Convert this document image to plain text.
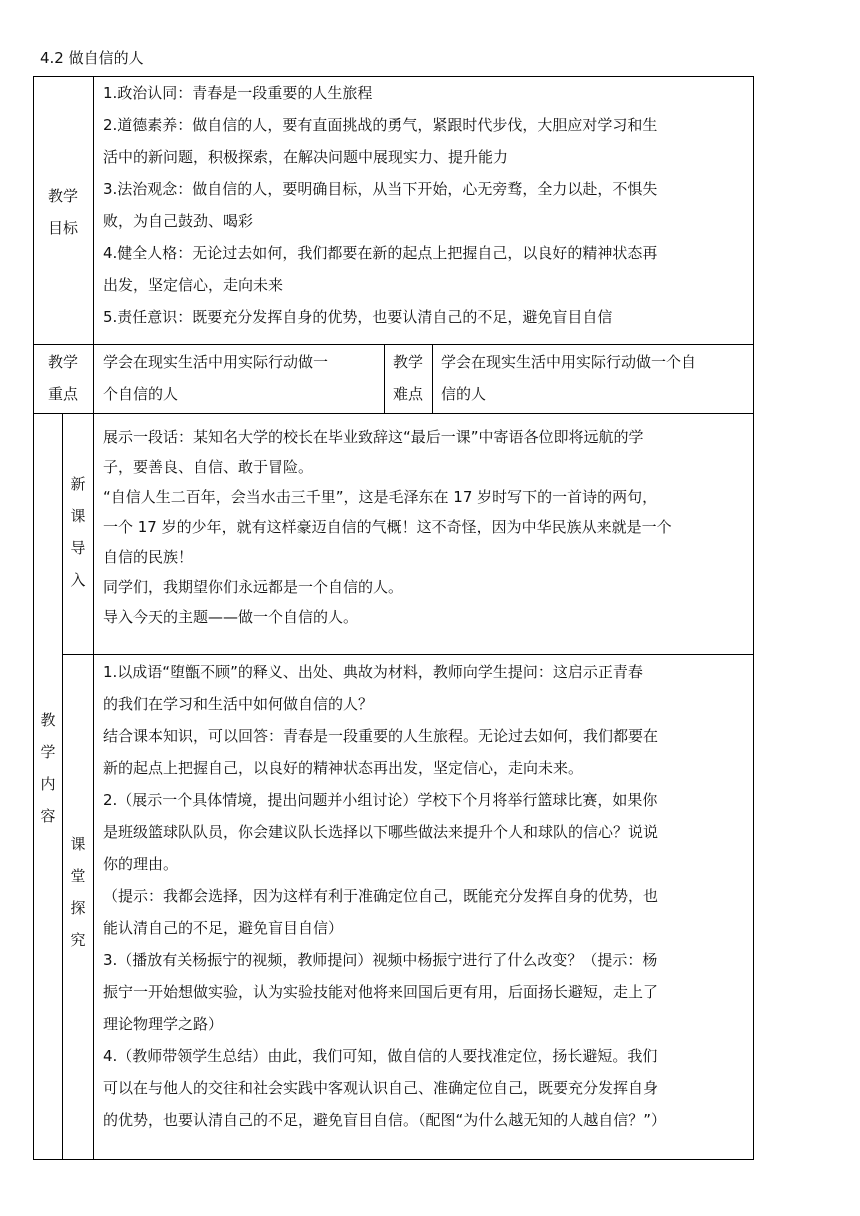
4.2 做自信的人
教学
目标
1.政治认同：青春是一段重要的人生旅程
2.道德素养：做自信的人，要有直面挑战的勇气，紧跟时代步伐，大胆应对学习和生
活中的新问题，积极探索，在解决问题中展现实力、提升能力
3.法治观念：做自信的人，要明确目标，从当下开始，心无旁骛，全力以赴，不惧失
败，为自己鼓劲、喝彩
4.健全人格：无论过去如何，我们都要在新的起点上把握自己，以良好的精神状态再
出发，坚定信心，走向未来
5.责任意识：既要充分发挥自身的优势，也要认清自己的不足，避免盲目自信
教学
重点
学会在现实生活中用实际行动做一
个自信的人
教学
难点
学会在现实生活中用实际行动做一个自
信的人
教
学
内
容
新
课
导
入
展示一段话：某知名大学的校长在毕业致辞这“最后一课”中寄语各位即将远航的学
子，要善良、自信、敢于冒险。
“自信人生二百年，会当水击三千里”，这是毛泽东在 17 岁时写下的一首诗的两句，
一个 17 岁的少年，就有这样豪迈自信的气概！这不奇怪，因为中华民族从来就是一个
自信的民族！
同学们，我期望你们永远都是一个自信的人。
导入今天的主题——做一个自信的人。
课
堂
探
究
1.以成语“堕甑不顾”的释义、出处、典故为材料，教师向学生提问：这启示正青春
的我们在学习和生活中如何做自信的人？
结合课本知识，可以回答：青春是一段重要的人生旅程。无论过去如何，我们都要在
新的起点上把握自己，以良好的精神状态再出发，坚定信心，走向未来。
2.（展示一个具体情境，提出问题并小组讨论）学校下个月将举行篮球比赛，如果你
是班级篮球队队员，你会建议队长选择以下哪些做法来提升个人和球队的信心？说说
你的理由。
（提示：我都会选择，因为这样有利于准确定位自己，既能充分发挥自身的优势，也
能认清自己的不足，避免盲目自信）
3.（播放有关杨振宁的视频，教师提问）视频中杨振宁进行了什么改变？（提示：杨
振宁一开始想做实验，认为实验技能对他将来回国后更有用，后面扬长避短，走上了
理论物理学之路）
4.（教师带领学生总结）由此，我们可知，做自信的人要找准定位，扬长避短。我们
可以在与他人的交往和社会实践中客观认识自己、准确定位自己，既要充分发挥自身
的优势，也要认清自己的不足，避免盲目自信。（配图“为什么越无知的人越自信？”）
